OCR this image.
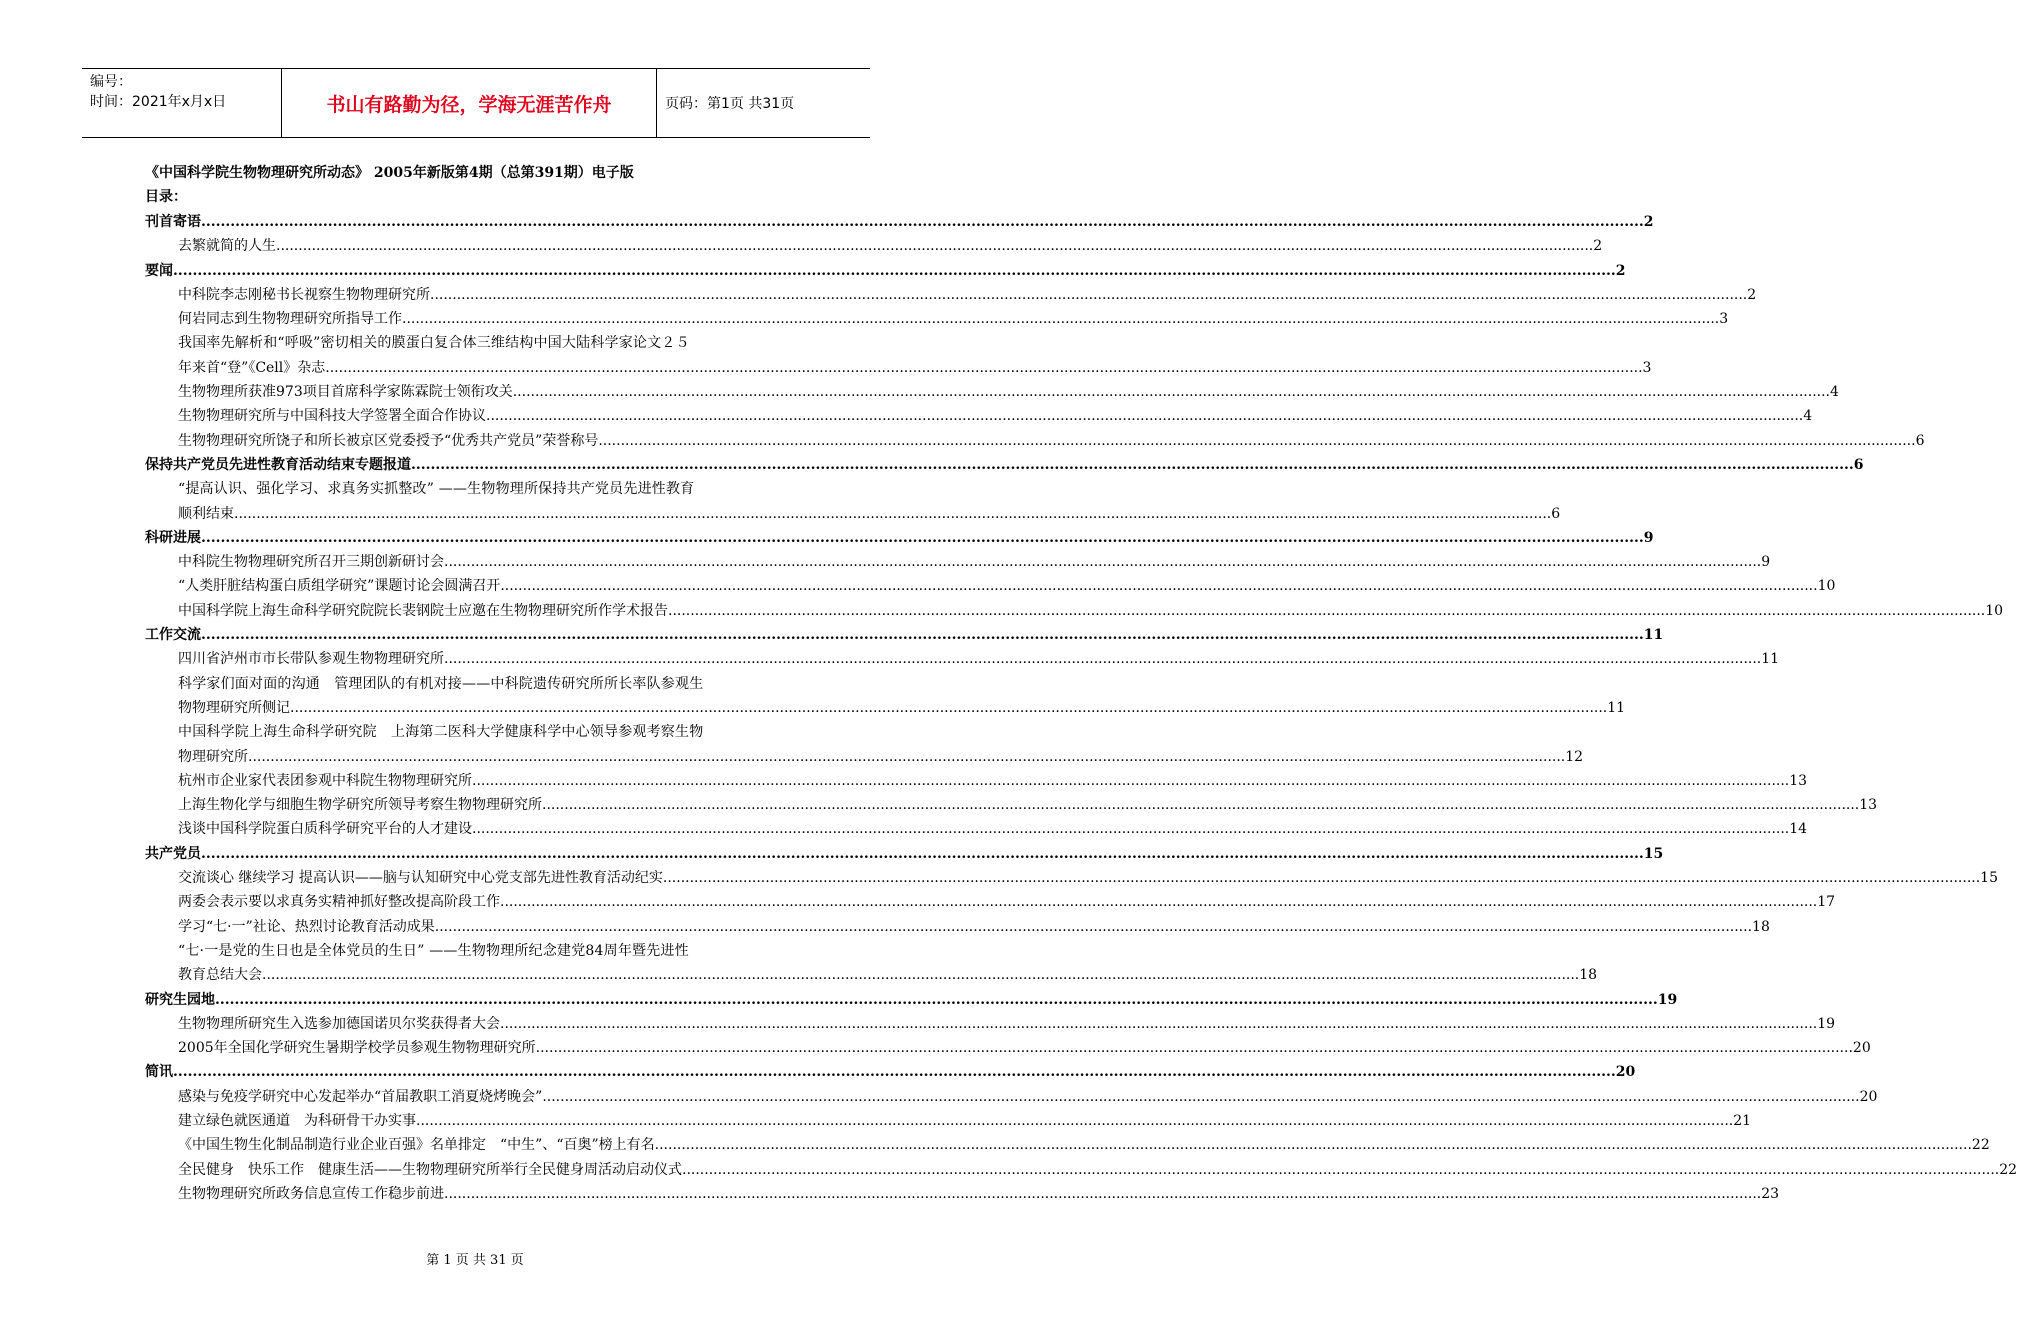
编号：
时间：2021年x月x日	书山有路勤为径，学海无涯苦作舟	页码：第1页 共31页
《中国科学院生物物理研究所动态》 2005年新版第4期（总第391期）电子版
目录：
刊首寄语 .....	2
去繁就简的人生 .....	2
要闻 .....	2
中科院李志刚秘书长视察生物物理研究所 .....	2
何岩同志到生物物理研究所指导工作 .....	3
我国率先解析和“呼吸”密切相关的膜蛋白复合体三维结构中国大陆科学家论文２５
年来首“登”《Cell》杂志 .....	3
生物物理所获准973项目首席科学家陈霖院士领衔攻关 .....	4
生物物理研究所与中国科技大学签署全面合作协议 .....	4
生物物理研究所饶子和所长被京区党委授予“优秀共产党员”荣誉称号 .....	6
保持共产党员先进性教育活动结束专题报道 .....	6
“提高认识、强化学习、求真务实抓整改” ——生物物理所保持共产党员先进性教育
顺利结束 .....	6
科研进展 .....	9
中科院生物物理研究所召开三期创新研讨会 .....	9
“人类肝脏结构蛋白质组学研究”课题讨论会圆满召开 .....	10
中国科学院上海生命科学研究院院长裴钢院士应邀在生物物理研究所作学术报告 .....	10
工作交流 .....	11
四川省泸州市市长带队参观生物物理研究所 .....	11
科学家们面对面的沟通　管理团队的有机对接——中科院遗传研究所所长率队参观生
物物理研究所侧记 .....	11
中国科学院上海生命科学研究院　上海第二医科大学健康科学中心领导参观考察生物
物理研究所 .....	12
杭州市企业家代表团参观中科院生物物理研究所 .....	13
上海生物化学与细胞生物学研究所领导考察生物物理研究所 .....	13
浅谈中国科学院蛋白质科学研究平台的人才建设 .....	14
共产党员 .....	15
交流谈心 继续学习 提高认识——脑与认知研究中心党支部先进性教育活动纪实 .....	15
两委会表示要以求真务实精神抓好整改提高阶段工作 .....	17
学习“七·一”社论、热烈讨论教育活动成果 .....	18
“七·一是党的生日也是全体党员的生日” ——生物物理所纪念建党84周年暨先进性
教育总结大会 .....	18
研究生园地 .....	19
生物物理所研究生入选参加德国诺贝尔奖获得者大会 .....	19
2005年全国化学研究生暑期学校学员参观生物物理研究所 .....	20
简讯 .....	20
感染与免疫学研究中心发起举办“首届教职工消夏烧烤晚会” .....	20
建立绿色就医通道　为科研骨干办实事 .....	21
《中国生物生化制品制造行业企业百强》名单排定　“中生”、“百奥”榜上有名 .....	22
全民健身　快乐工作　健康生活——生物物理研究所举行全民健身周活动启动仪式 .....	22
生物物理研究所政务信息宣传工作稳步前进 .....	23
第 1 页 共 31 页
